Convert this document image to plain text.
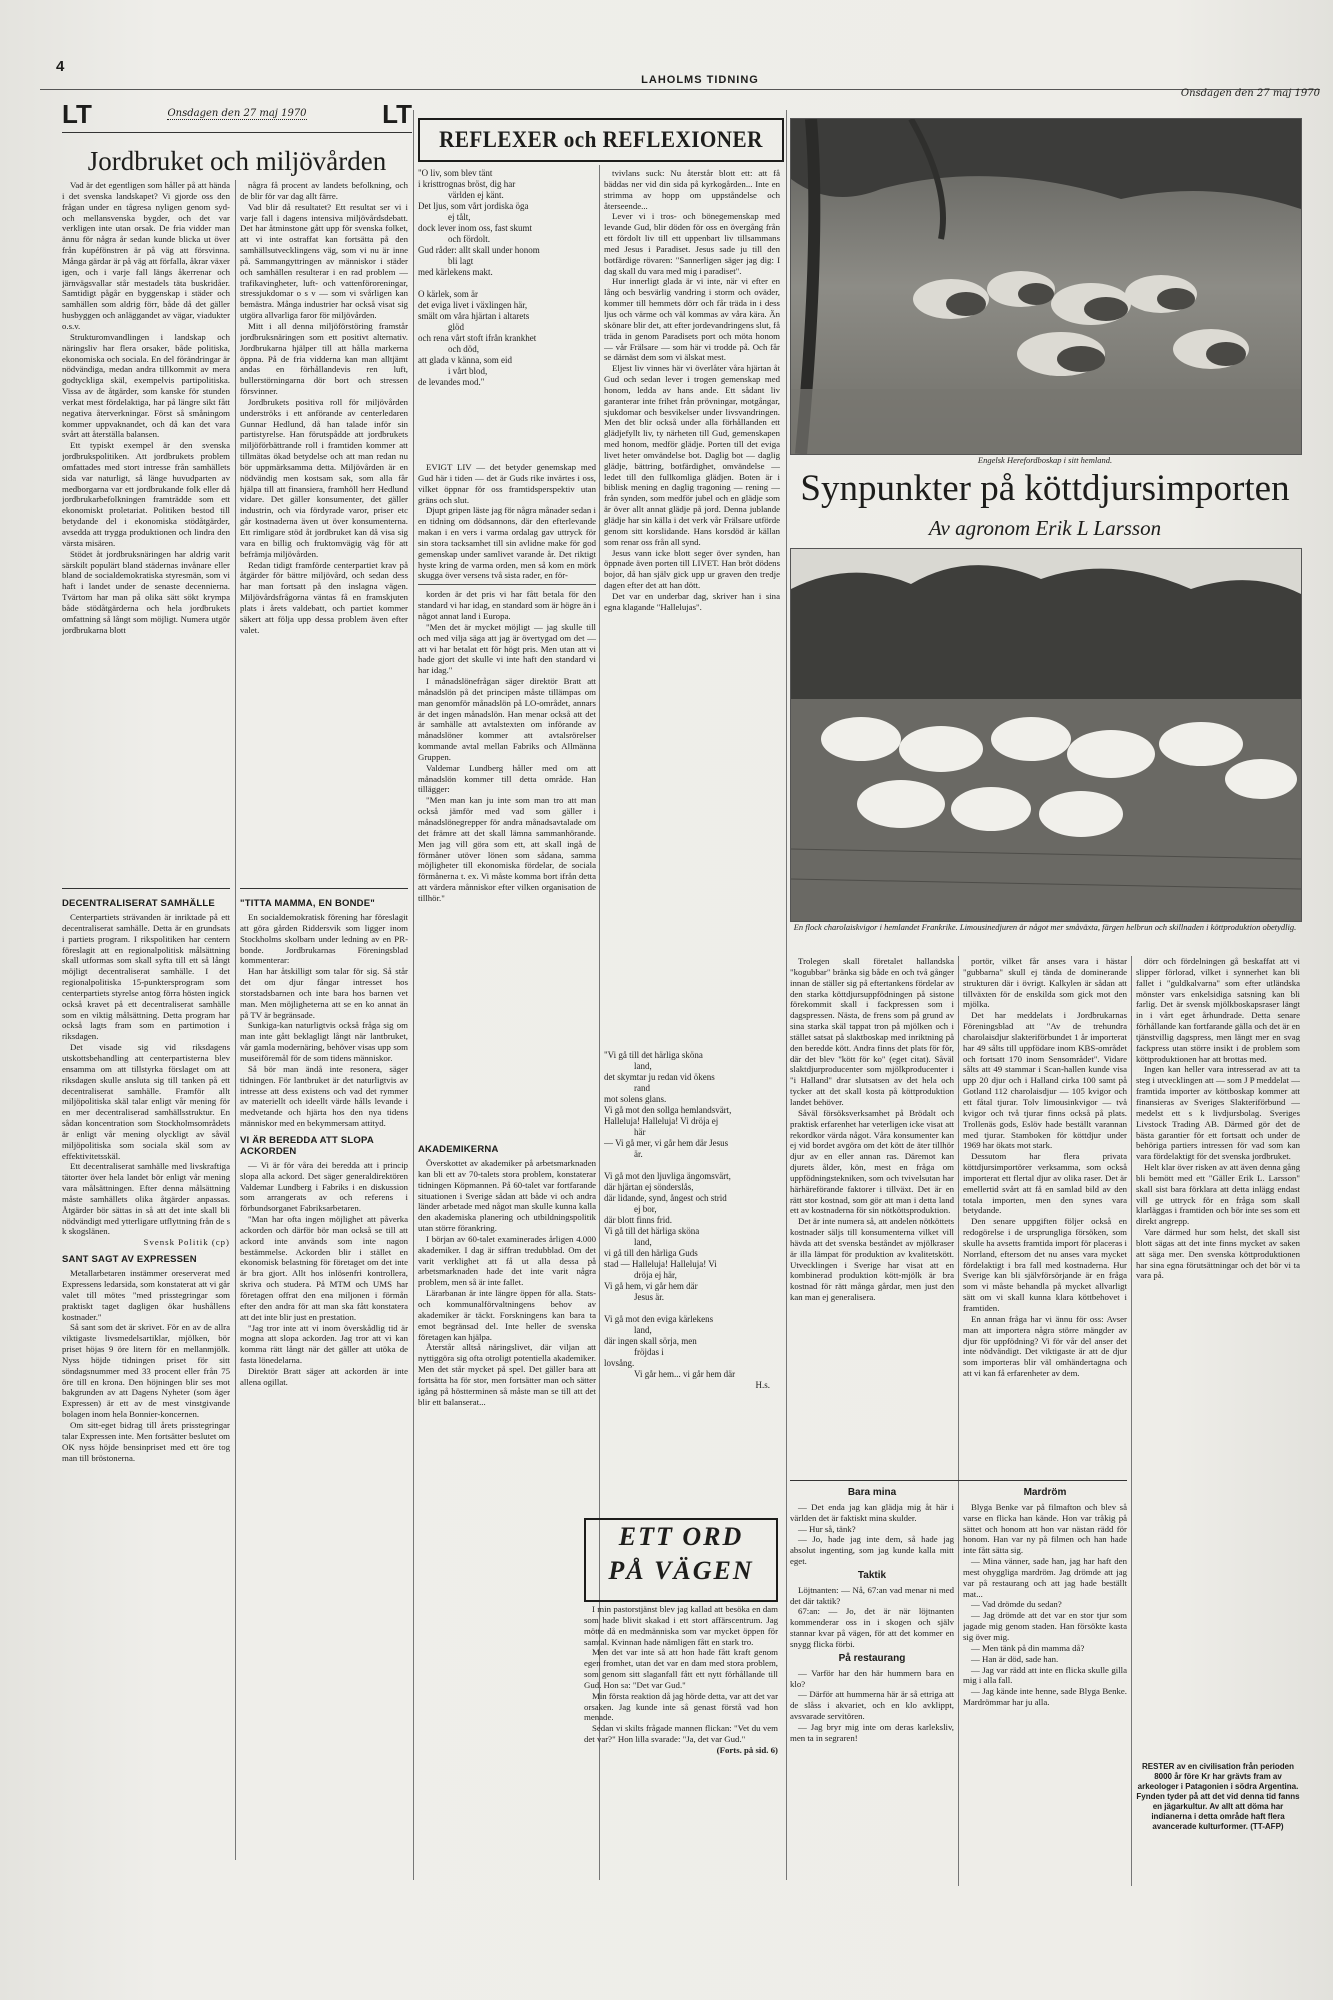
4
LAHOLMS TIDNING
Onsdagen den 27 maj 1970
LT	Onsdagen den 27 maj 1970	LT
Jordbruket och miljövården

Vad är det egentligen som håller på att hända i det svenska landskapet? Vi gjorde oss den frågan under en tågresa nyligen genom syd- och mellansvenska bygder, och det var verkligen inte utan orsak. De fria vidder man ännu för några år sedan kunde blicka ut över från kupéfönstren är på väg att försvinna. Många gärdar är på väg att förfalla, åkrar växer igen, och i varje fall längs åkerrenar och järnvägsvallar står mestadels täta buskridåer. Samtidigt pågår en byggenskap i städer och samhällen som aldrig förr, både då det gäller husbyggen och anläggandet av vägar, viadukter o.s.v.

Strukturomvandlingen i landskap och näringsliv har flera orsaker, både politiska, ekonomiska och sociala. En del förändringar är nödvändiga, medan andra tillkommit av mera godtyckliga skäl, exempelvis partipolitiska. Vissa av de åtgärder, som kanske för stunden verkat mest fördelaktiga, har på längre sikt fått negativa återverkningar. Först så småningom kommer uppvaknandet, och då kan det vara svårt att återställa balansen.

Ett typiskt exempel är den svenska jordbrukspolitiken. Att jordbrukets problem omfattades med stort intresse från samhällets sida var naturligt, så länge huvudparten av medborgarna var ett jordbrukande folk eller då jordbrukarbefolkningen framträdde som ett ekonomiskt proletariat. Politiken bestod till betydande del i ekonomiska stödåtgärder, avsedda att trygga produktionen och lindra den värsta misären.

Stödet åt jordbruksnäringen har aldrig varit särskilt populärt bland städernas invånare eller bland de socialdemokratiska styresmän, som vi haft i landet under de senaste decennierna. Tvärtom har man på olika sätt sökt krympa både stödåtgärderna och hela jordbrukets omfattning så långt som möjligt. Numera utgör jordbrukarna blott

några få procent av landets befolkning, och de blir för var dag allt färre.

Vad blir då resultatet? Ett resultat ser vi i varje fall i dagens intensiva miljövårdsdebatt. Det har åtminstone gått upp för svenska folket, att vi inte ostraffat kan fortsätta på den samhällsutvecklingens väg, som vi nu är inne på. Sammangyttringen av människor i städer och samhällen resulterar i en rad problem — trafikavingheter, luft- och vattenföroreningar, stressjukdomar o s v — som vi svårligen kan bemästra. Många industrier har också visat sig utgöra allvarliga faror för miljövården.

Mitt i all denna miljöförstöring framstår jordbruksnäringen som ett positivt alternativ. Jordbrukarna hjälper till att hålla markerna öppna. På de fria vidderna kan man alltjämt andas en förhållandevis ren luft, bullerstörningarna dör bort och stressen försvinner.

Jordbrukets positiva roll för miljövården underströks i ett anförande av centerledaren Gunnar Hedlund, då han talade inför sin partistyrelse. Han förutspådde att jordbrukets miljöförbättrande roll i framtiden kommer att tillmätas ökad betydelse och att man redan nu bör uppmärksamma detta. Miljövården är en nödvändig men kostsam sak, som alla får hjälpa till att finansiera, framhöll herr Hedlund vidare. Det gäller konsumenter, det gäller industrin, och via fördyrade varor, priser etc går kostnaderna även ut över konsumenterna. Ett rimligare stöd åt jordbruket kan då visa sig vara en billig och fruktomvägig väg för att befrämja miljövården.

Redan tidigt framförde centerpartiet krav på åtgärder för bättre miljövård, och sedan dess har man fortsatt på den inslagna vägen. Miljövårdsfrågorna väntas få en framskjuten plats i årets valdebatt, och partiet kommer säkert att följa upp dessa problem även efter valet.

DECENTRALISERAT SAMHÄLLE

Centerpartiets strävanden är inriktade på ett decentraliserat samhälle. Detta är en grundsats i partiets program. I rikspolitiken har centern föreslagit att en regionalpolitisk målsättning skall utformas som skall syfta till ett så långt möjligt decentraliserat samhälle. I det regionalpolitiska 15-punktersprogram som centerpartiets styrelse antog förra hösten ingick också kravet på ett decentraliserat samhälle som en viktig målsättning. Detta program har också lagts fram som en partimotion i riksdagen.

Det visade sig vid riksdagens utskottsbehandling att centerpartisterna blev ensamma om att tillstyrka förslaget om att riksdagen skulle ansluta sig till tanken på ett decentraliserat samhälle. Framför allt miljöpolitiska skäl talar enligt vår mening för en mer decentraliserad samhällsstruktur. En sådan koncentration som Stockholmsområdets är enligt vår mening olyckligt av såväl miljöpolitiska som sociala skäl som av effektivitetsskäl.

Ett decentraliserat samhälle med livskraftiga tätorter över hela landet bör enligt vår mening vara målsättningen. Efter denna målsättning måste samhällets olika åtgärder anpassas. Åtgärder bör sättas in så att det inte skall bli nödvändigt med ytterligare utflyttning från de s k skogslänen.

Svensk Politik (cp)

SANT SAGT AV EXPRESSEN

Metallarbetaren instämmer oreserverat med Expressens ledarsida, som konstaterat att vi går valet till mötes "med prisstegringar som praktiskt taget dagligen ökar hushållens kostnader."

Så sant som det är skrivet. För en av de allra viktigaste livsmedelsartiklar, mjölken, bör priset höjas 9 öre litern för en mellanmjölk. Nyss höjde tidningen priset för sitt söndagsnummer med 33 procent eller från 75 öre till en krona. Den höjningen blir ses mot bakgrunden av att Dagens Nyheter (som äger Expressen) är ett av de mest vinstgivande bolagen inom hela Bonnier-koncernen.

Om sitt-eget bidrag till årets prisstegringar talar Expressen inte. Men fortsätter beslutet om OK nyss höjde bensinpriset med ett öre tog man till bröstonerna.

"TITTA MAMMA, EN BONDE"

En socialdemokratisk förening har föreslagit att göra gården Riddersvik som ligger inom Stockholms skolbarn under ledning av en PR-bonde. Jordbrukarnas Föreningsblad kommenterar:

Han har åtskilligt som talar för sig. Så står det om djur fångar intresset hos storstadsbarnen och inte bara hos barnen vet man. Men möjligheterna att se en ko annat än på TV är begränsade.

Sunkiga-kan naturligtvis också fråga sig om man inte gått beklagligt långt när lantbruket, vår gamla modernäring, behöver visas upp som museiföremål för de som tidens människor.

Så bör man ändå inte resonera, säger tidningen. För lantbruket är det naturligtvis av intresse att dess existens och vad det rymmer av materiellt och ideellt värde hålls levande i medvetande och hjärta hos den nya tidens människor med en bekymmersam attityd.

VI ÄR BEREDDA ATT SLOPA ACKORDEN

— Vi är för våra dei beredda att i princip slopa alla ackord. Det säger generaldirektören Valdemar Lundberg i Fabriks i en diskussion som arrangerats av och referens i förbundsorganet Fabriksarbetaren.

"Man har ofta ingen möjlighet att påverka ackorden och därför bör man också se till att ackord inte används som inte nagon bestämmelse. Ackorden blir i stället en ekonomisk belastning för företaget om det inte är bra gjort. Allt hos inlösenfri kontrollera, skriva och studera. På MTM och UMS har företagen offrat den ena miljonen i förmån efter den andra för att man ska fått konstatera att det inte blir just en prestation.

"Jag tror inte att vi inom överskådlig tid är mogna att slopa ackorden. Jag tror att vi kan komma rätt långt när det gäller att utöka de fasta lönedelarna.

Direktör Bratt säger att ackorden är inte allena ogillat.

REFLEXER och REFLEXIONER

"O liv, som blev tänt

i kristtrognas bröst, dig har

världen ej känt.

Det ljus, som vårt jordiska öga

ej tålt,

dock lever inom oss, fast skumt

och fördolt.

Gud råder: allt skall under honom

bli lagt

med kärlekens makt.

O kärlek, som är

det eviga livet i växlingen här,

smält om våra hjärtan i altarets

glöd

och rena vårt stoft ifrån krankhet

och död,

att glada v känna, som eid

i vårt blod,

de levandes mod."

EVIGT LIV — det betyder genemskap med Gud här i tiden — det är Guds rike invärtes i oss, vilket öppnar för oss framtidsperspektiv utan gräns och slut.

Djupt gripen läste jag för några månader sedan i en tidning om dödsannons, där den efterlevande makan i en vers i varma ordalag gav uttryck för sin stora tacksamhet till sin avlidne make för god gemenskap under samlivet varande år. Det riktigt hyste kring de varma orden, men så kom en mörk skugga över versens två sista rader, en för-

korden är det pris vi har fått betala för den standard vi har idag, en standard som är högre än i något annat land i Europa.

"Men det är mycket möjligt — jag skulle till och med vilja säga att jag är övertygad om det — att vi har betalat ett för högt pris. Men utan att vi hade gjort det skulle vi inte haft den standard vi har idag."

I månadslönefrågan säger direktör Bratt att månadslön på det principen måste tillämpas om man genomför månadslön på LO-området, annars är det ingen månadslön. Han menar också att det är samhälle att avtalstexten om införande av månadslöner kommer att avtalsrörelser kommande avtal mellan Fabriks och Allmänna Gruppen.

Valdemar Lundberg håller med om att månadslön kommer till detta område. Han tillägger:

"Men man kan ju inte som man tro att man också jämför med vad som gäller i månadslönegrepper för andra månadsavtalade om det främre att det skall lämna sammanhörande. Men jag vill göra som ett, att skall ingå de förmåner utöver lönen som sådana, samma möjligheter till ekonomiska fördelar, de sociala förmånerna t. ex. Vi måste komma bort ifrån detta att värdera månniskor efter vilken organisation de tillhör."

AKADEMIKERNA

Överskottet av akademiker på arbetsmarknaden kan bli ett av 70-talets stora problem, konstaterar tidningen Köpmannen. På 60-talet var fortfarande situationen i Sverige sådan att både vi och andra länder arbetade med något man skulle kunna kalla den akademiska planering och utbildningspolitik utan större förankring.

I början av 60-talet examinerades årligen 4.000 akademiker. I dag är siffran tredubblad. Om det varit verklighet att få ut alla dessa på arbetsmarknaden hade det inte varit några problem, men så är inte fallet.

Lärarbanan är inte längre öppen för alla. Stats- och kommunalförvaltningens behov av akademiker är täckt. Forskningens kan bara ta emot begränsad del. Inte heller de svenska företagen kan hjälpa.

Återstår alltså näringslivet, där viljan att nyttiggöra sig ofta otroligt potentiella akademiker. Men det står mycket på spel. Det gäller bara att fortsätta ha för stor, men fortsätter man och sätter igång på höstterminen så måste man se till att det blir ett balanserat...

tvivlans suck: Nu återstår blott ett: att få bäddas ner vid din sida på kyrkogården... Inte en strimma av hopp om uppståndelse och återseende...

Lever vi i tros- och bönegemenskap med levande Gud, blir döden för oss en övergång från ett fördolt liv till ett uppenbart liv tillsammans med Jesus i Paradiset. Jesus sade ju till den botfärdige rövaren: "Sannerligen säger jag dig: I dag skall du vara med mig i paradiset".

Hur innerligt glada är vi inte, när vi efter en lång och besvärlig vandring i storm och oväder, kommer till hemmets dörr och får träda in i dess ljus och värme och väl kommas av våra kära. Än skönare blir det, att efter jordevandringens slut, få träda in genom Paradisets port och möta honom — vår Frälsare — som här vi trodde på. Och får se därnäst dem som vi älskat mest.

Eljest liv vinnes här vi överlåter våra hjärtan åt Gud och sedan lever i trogen gemenskap med honom, ledda av hans ande. Ett sådant liv garanterar inte frihet från prövningar, motgångar, sjukdomar och besvikelser under livsvandringen. Men det blir också under alla förhållanden ett glädjefyllt liv, ty närheten till Gud, gemenskapen med honom, medför glädje. Porten till det eviga livet heter omvändelse bot. Daglig bot — daglig glädje, bättring, botfärdighet, omvändelse — ledet till den fullkomliga glädjen. Boten är i biblisk mening en daglig tragoning — rening — från synden, som medför jubel och en glädje som är över allt annat glädje på jord. Denna jublande glädje har sin källa i det verk vår Frälsare utförde genom sitt korslidande. Hans korsdöd är källan som renar oss från all synd.

Jesus vann icke blott seger över synden, han öppnade även porten till LIVET. Han bröt dödens bojor, då han själv gick upp ur graven den tredje dagen efter det att han dött.

Det var en underbar dag, skriver han i sina egna klagande "Hallelujas".

"Vi gå till det härliga sköna

land,

det skymtar ju redan vid ökens

rand

mot solens glans.

Vi gå mot den sollga hemlandsvärt,

Halleluja! Halleluja! Vi dröja ej

här

— Vi gå mer, vi går hem där Jesus

är.

Vi gå mot den ljuvliga ängomsvärt,

där hjärtan ej sönderslås,

där lidande, synd, ångest och strid

ej bor,

där blott finns frid.

Vi gå till det härliga sköna

land,

vi gå till den härliga Guds

stad — Halleluja! Halleluja! Vi

dröja ej här,

Vi gå hem, vi går hem där

Jesus är.

Vi gå mot den eviga kärlekens

land,

där ingen skall sörja, men

fröjdas i

lovsång.

Vi går hem... vi går hem där

H.s.

ETT ORD
PÅ VÄGEN

I min pastorstjänst blev jag kallad att besöka en dam som hade blivit skakad i ett stort affärscentrum. Jag mötte då en medmänniska som var mycket öppen för samtal. Kvinnan hade nämligen fått en stark tro.

Men det var inte så att hon hade fått kraft genom egen fromhet, utan det var en dam med stora problem, som genom sitt slaganfall fått ett nytt förhållande till Gud. Hon sa: "Det var Gud."

Min första reaktion då jag hörde detta, var att det var orsaken. Jag kunde inte så genast förstå vad hon menade.

Sedan vi skilts frågade mannen flickan: "Vet du vem det var?" Hon lilla svarade: "Ja, det var Gud."

(Forts. på sid. 6)

Engelsk Herefordboskap i sitt hemland.
Synpunkter på köttdjursimporten
Av agronom Erik L Larsson
En flock charolaiskvigor i hemlandet Frankrike. Limousinedjuren är något mer småväxta, färgen helbrun och skillnaden i köttproduktion obetydlig.

Trolegen skall företalet hallandska "kogubbar" bränka sig både en och två gånger innan de ställer sig på eftertankens fördelar av den starka köttdjursuppfödningen på sistone förekommit skall i fackpressen som i dagspressen. Nästa, de frens som på grund av sina starka skäl tappat tron på mjölken och i stället satsat på slaktboskap med inriktning på den beredde kött. Andra finns det plats för för, där det blev "kött för ko" (eget citat). Såväl slaktdjurproducenter som mjölkproducenter i "i Halland" drar slutsatsen av det hela och tycker att det skall kosta på köttproduktion landet behöver.

Såväl försöksverksamhet på Brödalt och praktisk erfarenhet har veterligen icke visat att rekordkor värda något. Våra konsumenter kan ej vid bordet avgöra om det kött de äter tillhör djur av en eller annan ras. Däremot kan djurets ålder, kön, mest en fråga om uppfödningstekniken, som och tvivelsutan har härhäreförande faktorer i tillväxt. Det är en rätt stor kostnad, som gör att man i detta land ett av kostnaderna för sin nötköttsproduktion.

Det är inte numera så, att andelen nötköttets kostnader säljs till konsumenterna vilket vill hävda att det svenska beståndet av mjölkraser är illa lämpat för produktion av kvalitetskött. Utvecklingen i Sverige har visat att en kombinerad produktion kött-mjölk är bra kostnad för rätt många gårdar, men just den kan man ej generalisera.

portör, vilket får anses vara i hästar "gubbarna" skull ej tända de dominerande strukturen där i övrigt. Kalkylen är sådan att tillväxten för de enskilda som gick mot den mjölka.

Det har meddelats i Jordbrukarnas Föreningsblad att "Av de trehundra charolaisdjur slakteriförbundet 1 år importerat har 49 sålts till uppfödare inom KBS-området och fortsatt 170 inom Sensområdet". Vidare sålts att 49 stammar i Scan-hallen kunde visa upp 20 djur och i Halland cirka 100 samt på Gotland 112 charolaisdjur — 105 kvigor och ett fåtal tjurar. Tolv limousinkvigor — två kvigor och två tjurar finns också på plats. Trollenäs gods, Eslöv hade beställt varannan med tjurar. Stamboken för köttdjur under 1969 har ökats mot stark.

Dessutom har flera privata köttdjursimportörer verksamma, som också importerat ett flertal djur av olika raser. Det är emellertid svårt att få en samlad bild av den totala importen, men den synes vara betydande.

Den senare uppgiften följer också en redogörelse i de ursprungliga försöken, som skulle ha avsetts framtida import för placeras i Norrland, eftersom det nu anses vara mycket fördelaktigt i bra fall med kostnaderna. Hur Sverige kan bli självförsörjande är en fråga som vi måste behandla på mycket allvarligt sätt om vi skall kunna klara köttbehovet i framtiden.

En annan fråga har vi ännu för oss: Avser man att importera några större mängder av djur för uppfödning? Vi för vår del anser det inte nödvändigt. Det viktigaste är att de djur som importeras blir väl omhändertagna och att vi kan få erfarenheter av dem.

dörr och fördelningen gå beskaffat att vi slipper förlorad, vilket i synnerhet kan bli fallet i "guldkalvarna" som efter utländska mönster vars enkelsidiga satsning kan bli farlig. Det är svensk mjölkboskapsraser längt in i vårt eget århundrade. Detta senare förhållande kan fortfarande gälla och det är en tjänstvillig dagspress, men längt mer en svag fackpress utan större insikt i de problem som köttproduktionen har att brottas med.

Ingen kan heller vara intresserad av att ta steg i utvecklingen att — som J P meddelat — framtida importer av köttboskap kommer att finansieras av Sveriges Slakteriförbund — medelst ett s k livdjursbolag. Sveriges Livstock Trading AB. Därmed gör det de bästa garantier för ett fortsatt och under de behöriga partiers intressen för vad som kan vara fördelaktigt för det svenska jordbruket.

Helt klar över risken av att även denna gång bli bemött med ett "Gäller Erik L. Larsson" skall sist bara förklara att detta inlägg endast vill ge uttryck för en fråga som skall klarläggas i framtiden och bör inte ses som ett direkt angrepp.

Vare därmed hur som helst, det skall sist blott sägas att det inte finns mycket av saken att säga mer. Den svenska köttproduktionen har sina egna förutsättningar och det bör vi ta vara på.

Bara mina

— Det enda jag kan glädja mig åt här i världen det är faktiskt mina skulder.

— Hur så, tänk?

— Jo, hade jag inte dem, så hade jag absolut ingenting, som jag kunde kalla mitt eget.

Taktik

Löjtnanten: — Nå, 67:an vad menar ni med det där taktik?

67:an: — Jo, det är när löjtnanten kommenderar oss in i skogen och själv stannar kvar på vägen, för att det kommer en snygg flicka förbi.

På restaurang

— Varför har den här hummern bara en klo?

— Därför att hummerna här är så ettriga att de slåss i akvariet, och en klo avklippt, avsvarade servitören.

— Jag bryr mig inte om deras karleksliv, men ta in segraren!

Mardröm

Blyga Benke var på filmafton och blev så varse en flicka han kände. Hon var tråkig på sättet och honom att hon var nästan rädd för honom. Han var ny på filmen och han hade inte fått sätta sig.

— Mina vänner, sade han, jag har haft den mest ohyggliga mardröm. Jag drömde att jag var på restaurang och att jag hade beställt mat...

— Vad drömde du sedan?

— Jag drömde att det var en stor tjur som jagade mig genom staden. Han försökte kasta sig över mig.

— Men tänk på din mamma då?

— Han är död, sade han.

— Jag var rädd att inte en flicka skulle gilla mig i alla fall.

— Jag kände inte henne, sade Blyga Benke. Mardrömmar har ju alla.

RESTER av en civilisation från perioden 8000 år före Kr har grävts fram av arkeologer i Patagonien i södra Argentina. Fynden tyder på att det vid denna tid fanns en jägarkultur. Av allt att döma har indianerna i detta område haft flera avancerade kulturformer. (TT-AFP)
